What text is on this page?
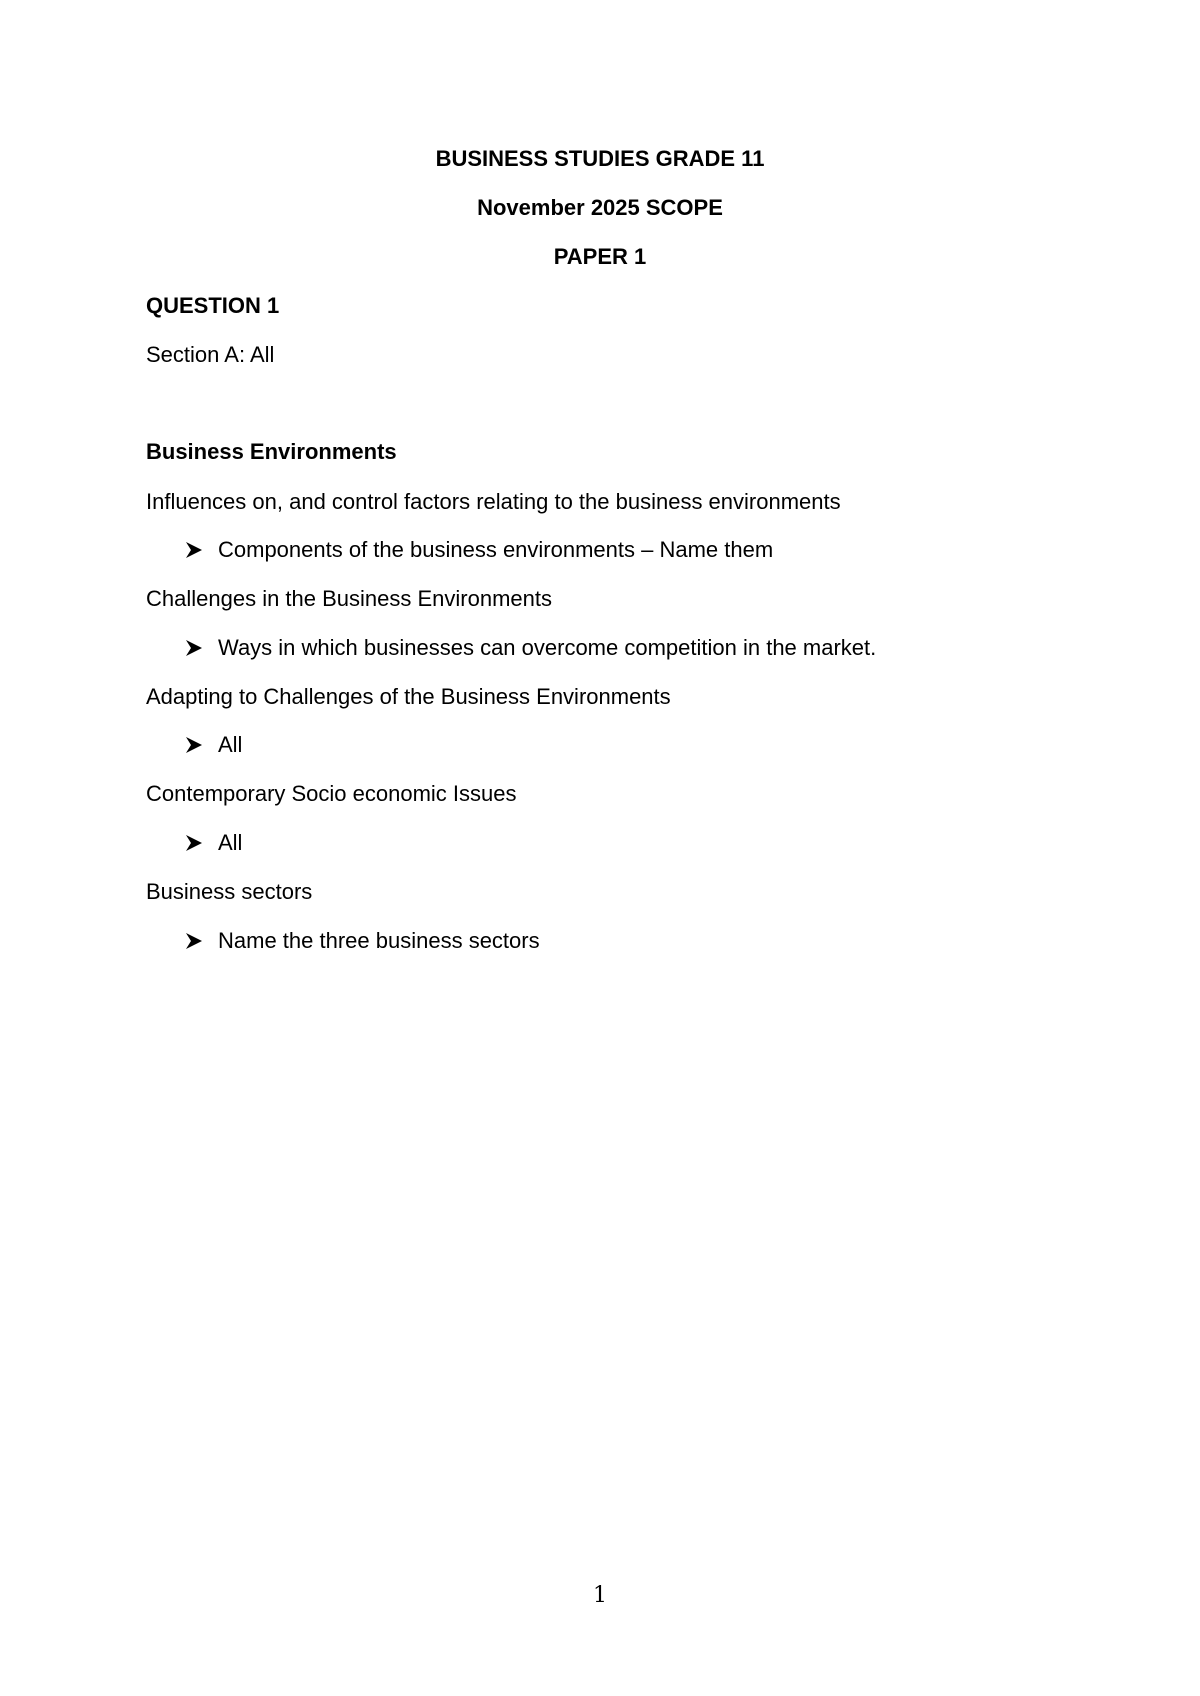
BUSINESS STUDIES GRADE 11
November 2025 SCOPE
PAPER 1
QUESTION 1
Section A: All
Business Environments
Influences on, and control factors relating to the business environments
Components of the business environments – Name them
Challenges in the Business Environments
Ways in which businesses can overcome competition in the market.
Adapting to Challenges of the Business Environments
All
Contemporary Socio economic Issues
All
Business sectors
Name the three business sectors
1
